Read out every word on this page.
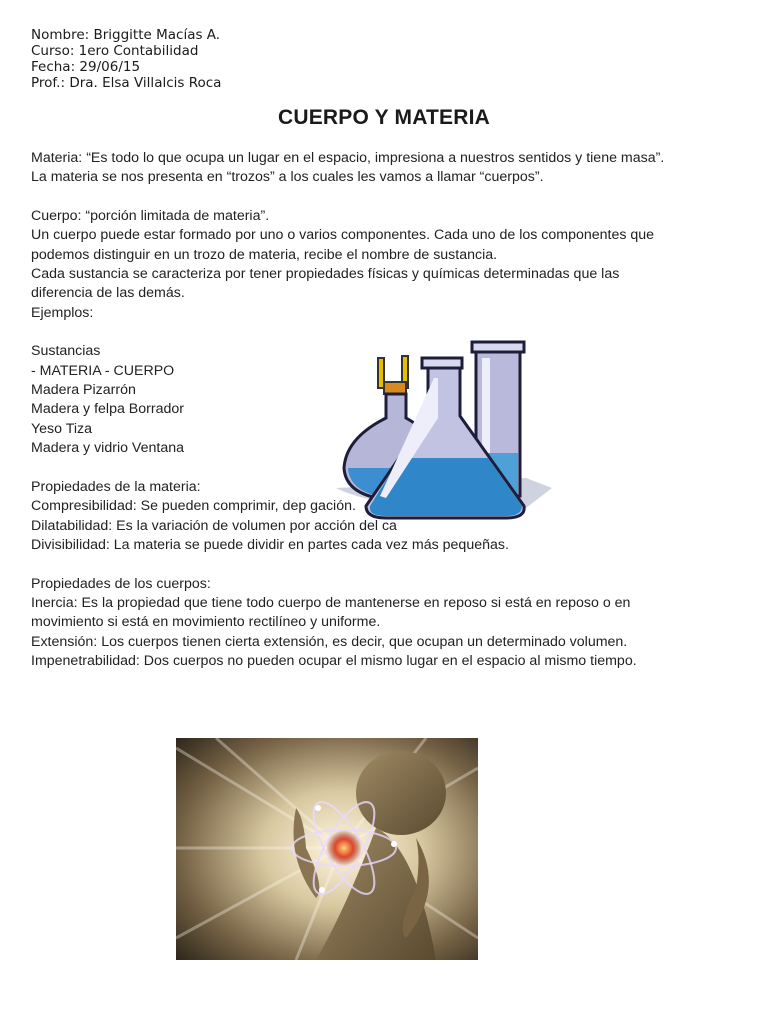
Nombre: Briggitte Macías A.
Curso: 1ero Contabilidad
Fecha: 29/06/15
Prof.: Dra. Elsa Villalcis Roca
CUERPO Y MATERIA
Materia: “Es todo lo que ocupa un lugar en el espacio, impresiona a nuestros sentidos y tiene masa”.
La materia se nos presenta en “trozos” a los cuales les vamos a llamar “cuerpos”.
Cuerpo: “porción limitada de materia”.
Un cuerpo puede estar formado por uno o varios componentes. Cada uno de los componentes que
podemos distinguir en un trozo de materia, recibe el nombre de sustancia.
Cada sustancia se caracteriza por tener propiedades físicas y químicas determinadas que las
diferencia de las demás.
Ejemplos:
Sustancias
- MATERIA - CUERPO
Madera Pizarrón
Madera y felpa Borrador
Yeso Tiza
Madera y vidrio Ventana
Propiedades de la materia:
Compresibilidad: Se pueden comprimir, dep gación.
Dilatabilidad: Es la variación de volumen por acción del ca
Divisibilidad: La materia se puede dividir en partes cada vez más pequeñas.
Propiedades de los cuerpos:
Inercia: Es la propiedad que tiene todo cuerpo de mantenerse en reposo si está en reposo o en
movimiento si está en movimiento rectilíneo y uniforme.
Extensión: Los cuerpos tienen cierta extensión, es decir, que ocupan un determinado volumen.
Impenetrabilidad: Dos cuerpos no pueden ocupar el mismo lugar en el espacio al mismo tiempo.
